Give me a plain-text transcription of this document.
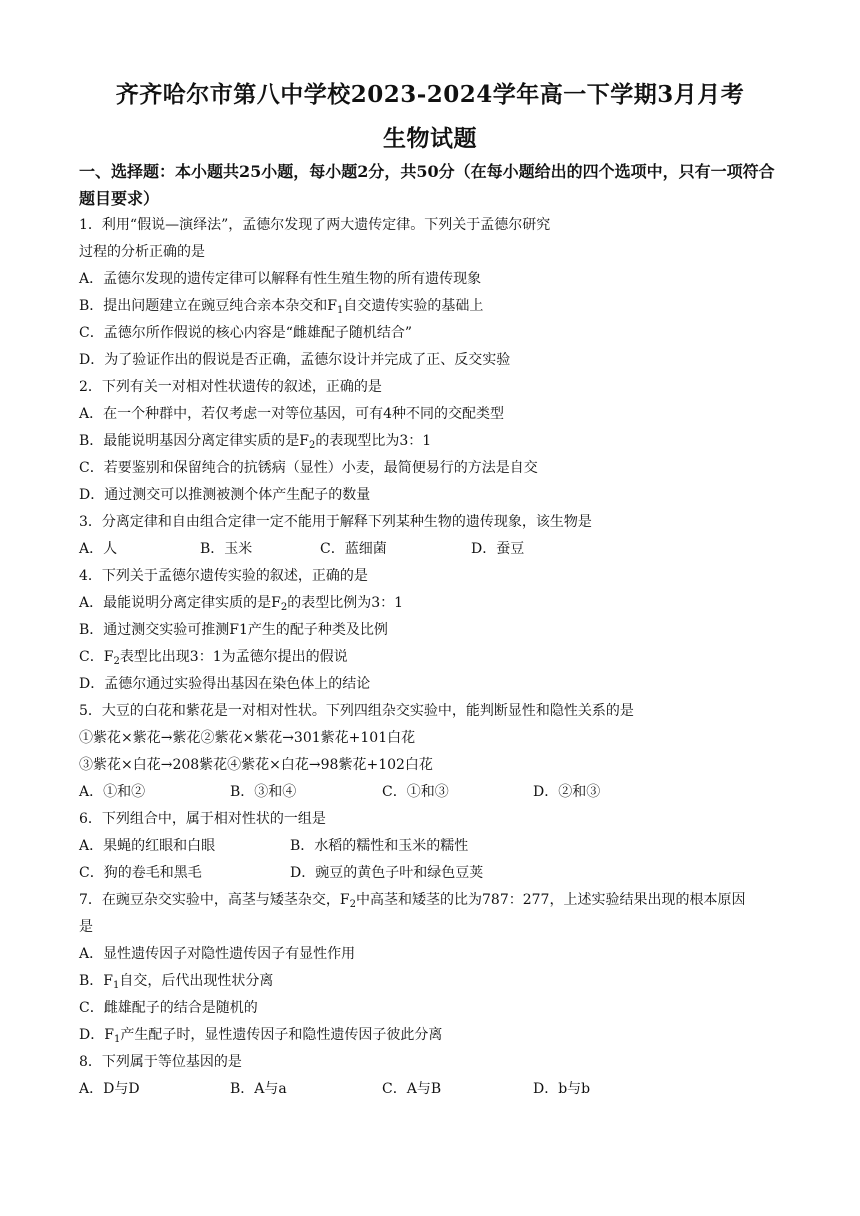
齐齐哈尔市第八中学校2023-2024学年高一下学期3月月考
生物试题
一、选择题：本小题共25小题，每小题2分，共50分（在每小题给出的四个选项中，只有一项符合题目要求）
1．利用“假说—演绎法”，孟德尔发现了两大遗传定律。下列关于孟德尔研究
过程的分析正确的是
A．孟德尔发现的遗传定律可以解释有性生殖生物的所有遗传现象
B．提出问题建立在豌豆纯合亲本杂交和$F_1$自交遗传实验的基础上
C．孟德尔所作假说的核心内容是“雌雄配子随机结合”
D．为了验证作出的假说是否正确，孟德尔设计并完成了正、反交实验
2．下列有关一对相对性状遗传的叙述，正确的是
A．在一个种群中，若仅考虑一对等位基因，可有4种不同的交配类型
B．最能说明基因分离定律实质的是$F_2$的表现型比为3：1
C．若要鉴别和保留纯合的抗锈病（显性）小麦，最简便易行的方法是自交
D．通过测交可以推测被测个体产生配子的数量
3．分离定律和自由组合定律一定不能用于解释下列某种生物的遗传现象，该生物是
A．人	B．玉米	C．蓝细菌	D．蚕豆
4．下列关于孟德尔遗传实验的叙述，正确的是
A．最能说明分离定律实质的是$F_2$的表型比例为3：1
B．通过测交实验可推测F1产生的配子种类及比例
C．$F_2$表型比出现3：1为孟德尔提出的假说
D．孟德尔通过实验得出基因在染色体上的结论
5．大豆的白花和紫花是一对相对性状。下列四组杂交实验中，能判断显性和隐性关系的是
①紫花×紫花→紫花②紫花×紫花→301紫花+101白花
③紫花×白花→208紫花④紫花×白花→98紫花+102白花
A．①和②	B．③和④	C．①和③	D．②和③
6．下列组合中，属于相对性状的一组是
A．果蝇的红眼和白眼	B．水稻的糯性和玉米的糯性
C．狗的卷毛和黑毛	D．豌豆的黄色子叶和绿色豆荚
7．在豌豆杂交实验中，高茎与矮茎杂交，$F_2$中高茎和矮茎的比为787：277，上述实验结果出现的根本原因
是
A．显性遗传因子对隐性遗传因子有显性作用
B．$F_1$自交，后代出现性状分离
C．雌雄配子的结合是随机的
D．$F_1$产生配子时，显性遗传因子和隐性遗传因子彼此分离
8．下列属于等位基因的是
A．D与D	B．A与a	C．A与B	D．b与b
